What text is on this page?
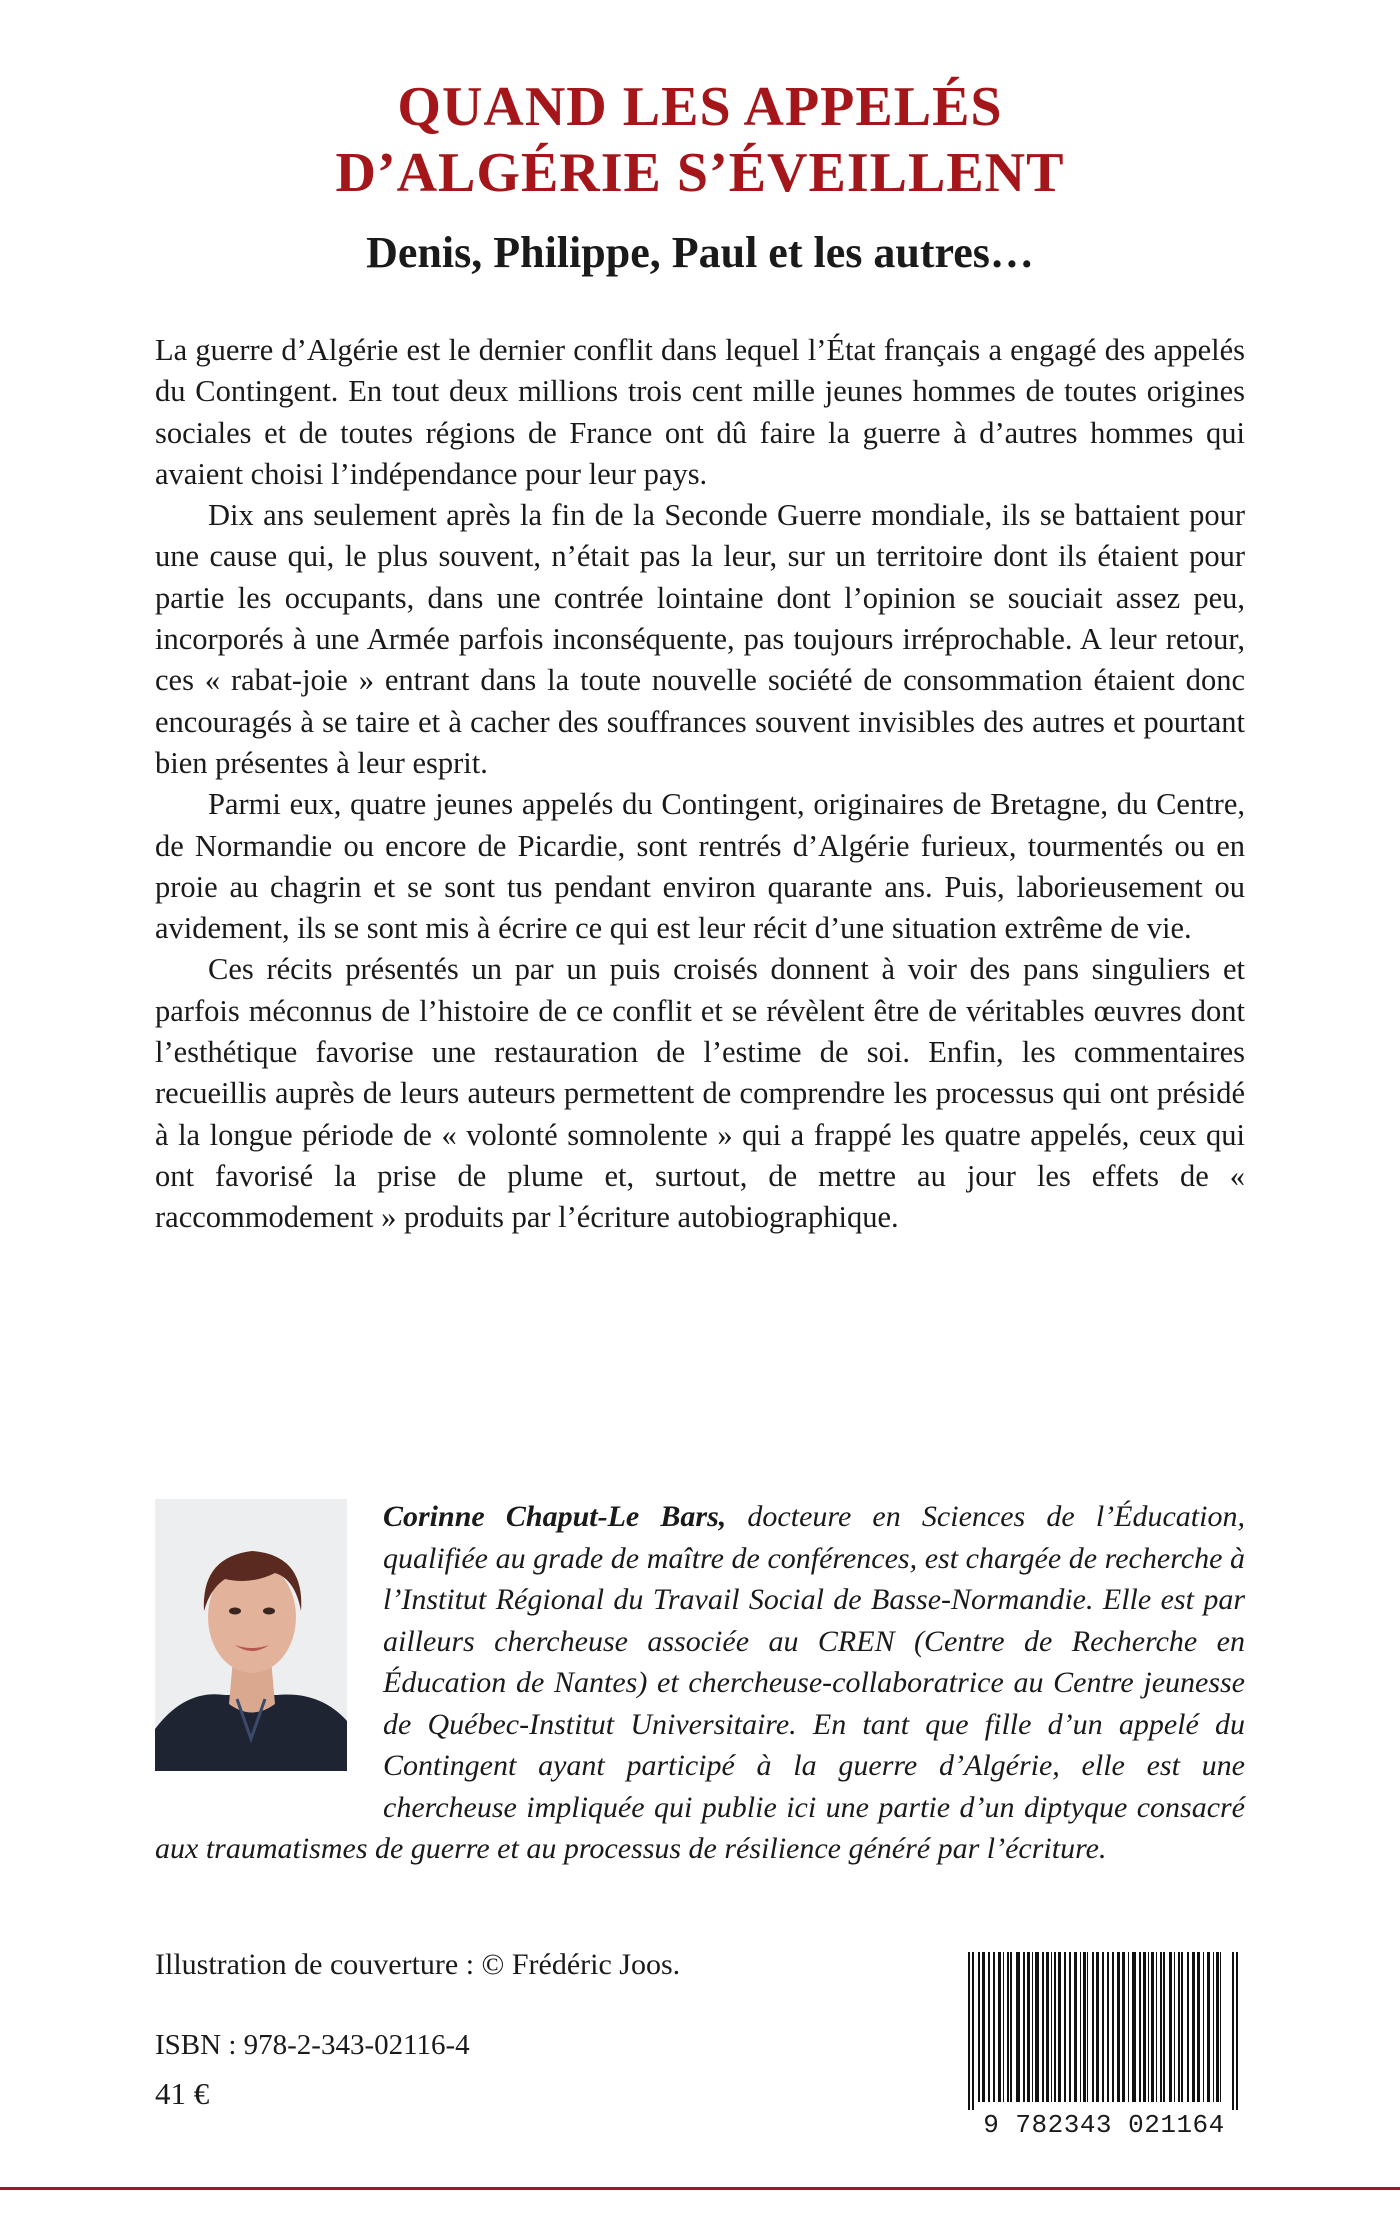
QUAND LES APPELÉS
D’ALGÉRIE S’ÉVEILLENT
Denis, Philippe, Paul et les autres…

La guerre d’Algérie est le dernier conflit dans lequel l’État français a engagé des appelés du Contingent. En tout deux millions trois cent mille jeunes hommes de toutes origines sociales et de toutes régions de France ont dû faire la guerre à d’autres hommes qui avaient choisi l’indépendance pour leur pays.

Dix ans seulement après la fin de la Seconde Guerre mondiale, ils se battaient pour une cause qui, le plus souvent, n’était pas la leur, sur un territoire dont ils étaient pour partie les occupants, dans une contrée lointaine dont l’opinion se souciait assez peu, incorporés à une Armée parfois inconséquente, pas toujours irréprochable. A leur retour, ces « rabat-joie » entrant dans la toute nouvelle société de consommation étaient donc encouragés à se taire et à cacher des souffrances souvent invisibles des autres et pourtant bien présentes à leur esprit.

Parmi eux, quatre jeunes appelés du Contingent, originaires de Bretagne, du Centre, de Normandie ou encore de Picardie, sont rentrés d’Algérie furieux, tourmentés ou en proie au chagrin et se sont tus pendant environ quarante ans. Puis, laborieusement ou avidement, ils se sont mis à écrire ce qui est leur récit d’une situation extrême de vie.

Ces récits présentés un par un puis croisés donnent à voir des pans singuliers et parfois méconnus de l’histoire de ce conflit et se révèlent être de véritables œuvres dont l’esthétique favorise une restauration de l’estime de soi. Enfin, les commentaires recueillis auprès de leurs auteurs permettent de comprendre les processus qui ont présidé à la longue période de « volonté somnolente » qui a frappé les quatre appelés, ceux qui ont favorisé la prise de plume et, surtout, de mettre au jour les effets de « raccommodement » produits par l’écriture autobiographique.

Corinne Chaput-Le Bars, docteure en Sciences de l’Éducation, qualifiée au grade de maître de conférences, est chargée de recherche à l’Institut Régional du Travail Social de Basse-Normandie. Elle est par ailleurs chercheuse associée au CREN (Centre de Recherche en Éducation de Nantes) et chercheuse-collaboratrice au Centre jeunesse de Québec-Institut Universitaire. En tant que fille d’un appelé du Contingent ayant participé à la guerre d’Algérie, elle est une chercheuse impliquée qui publie ici une partie d’un diptyque consacré aux traumatismes de guerre et au processus de résilience généré par l’écriture.
Illustration de couverture : © Frédéric Joos.
ISBN : 978-2-343-02116-4
41 €
9 782343 021164
